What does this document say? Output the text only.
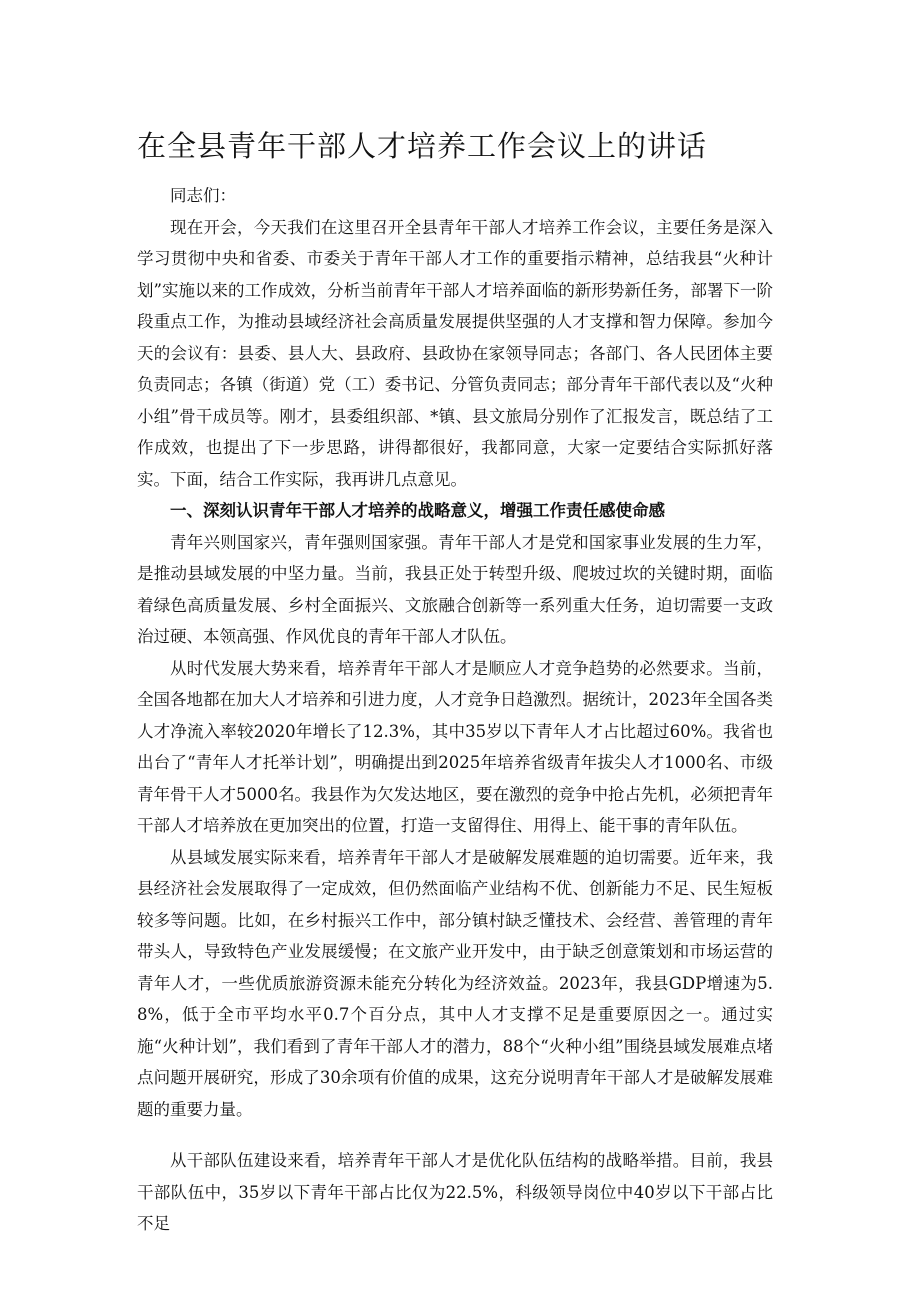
在全县青年干部人才培养工作会议上的讲话

同志们：

现在开会，今天我们在这里召开全县青年干部人才培养工作会议，主要任务是深入学习贯彻中央和省委、市委关于青年干部人才工作的重要指示精神，总结我县“火种计划”实施以来的工作成效，分析当前青年干部人才培养面临的新形势新任务，部署下一阶段重点工作，为推动县域经济社会高质量发展提供坚强的人才支撑和智力保障。参加今天的会议有：县委、县人大、县政府、县政协在家领导同志；各部门、各人民团体主要负责同志；各镇（街道）党（工）委书记、分管负责同志；部分青年干部代表以及“火种小组”骨干成员等。刚才，县委组织部、*镇、县文旅局分别作了汇报发言，既总结了工作成效，也提出了下一步思路，讲得都很好，我都同意，大家一定要结合实际抓好落实。下面，结合工作实际，我再讲几点意见。

一、深刻认识青年干部人才培养的战略意义，增强工作责任感使命感

青年兴则国家兴，青年强则国家强。青年干部人才是党和国家事业发展的生力军，是推动县域发展的中坚力量。当前，我县正处于转型升级、爬坡过坎的关键时期，面临着绿色高质量发展、乡村全面振兴、文旅融合创新等一系列重大任务，迫切需要一支政治过硬、本领高强、作风优良的青年干部人才队伍。

从时代发展大势来看，培养青年干部人才是顺应人才竞争趋势的必然要求。当前，全国各地都在加大人才培养和引进力度，人才竞争日趋激烈。据统计，2023年全国各类人才净流入率较2020年增长了12.3%，其中35岁以下青年人才占比超过60%。我省也出台了“青年人才托举计划”，明确提出到2025年培养省级青年拔尖人才1000名、市级青年骨干人才5000名。我县作为欠发达地区，要在激烈的竞争中抢占先机，必须把青年干部人才培养放在更加突出的位置，打造一支留得住、用得上、能干事的青年队伍。

从县域发展实际来看，培养青年干部人才是破解发展难题的迫切需要。近年来，我县经济社会发展取得了一定成效，但仍然面临产业结构不优、创新能力不足、民生短板较多等问题。比如，在乡村振兴工作中，部分镇村缺乏懂技术、会经营、善管理的青年带头人，导致特色产业发展缓慢；在文旅产业开发中，由于缺乏创意策划和市场运营的青年人才，一些优质旅游资源未能充分转化为经济效益。2023年，我县GDP增速为5.8%，低于全市平均水平0.7个百分点，其中人才支撑不足是重要原因之一。通过实施“火种计划”，我们看到了青年干部人才的潜力，88个“火种小组”围绕县域发展难点堵点问题开展研究，形成了30余项有价值的成果，这充分说明青年干部人才是破解发展难题的重要力量。

从干部队伍建设来看，培养青年干部人才是优化队伍结构的战略举措。目前，我县干部队伍中，35岁以下青年干部占比仅为22.5%，科级领导岗位中40岁以下干部占比不足
